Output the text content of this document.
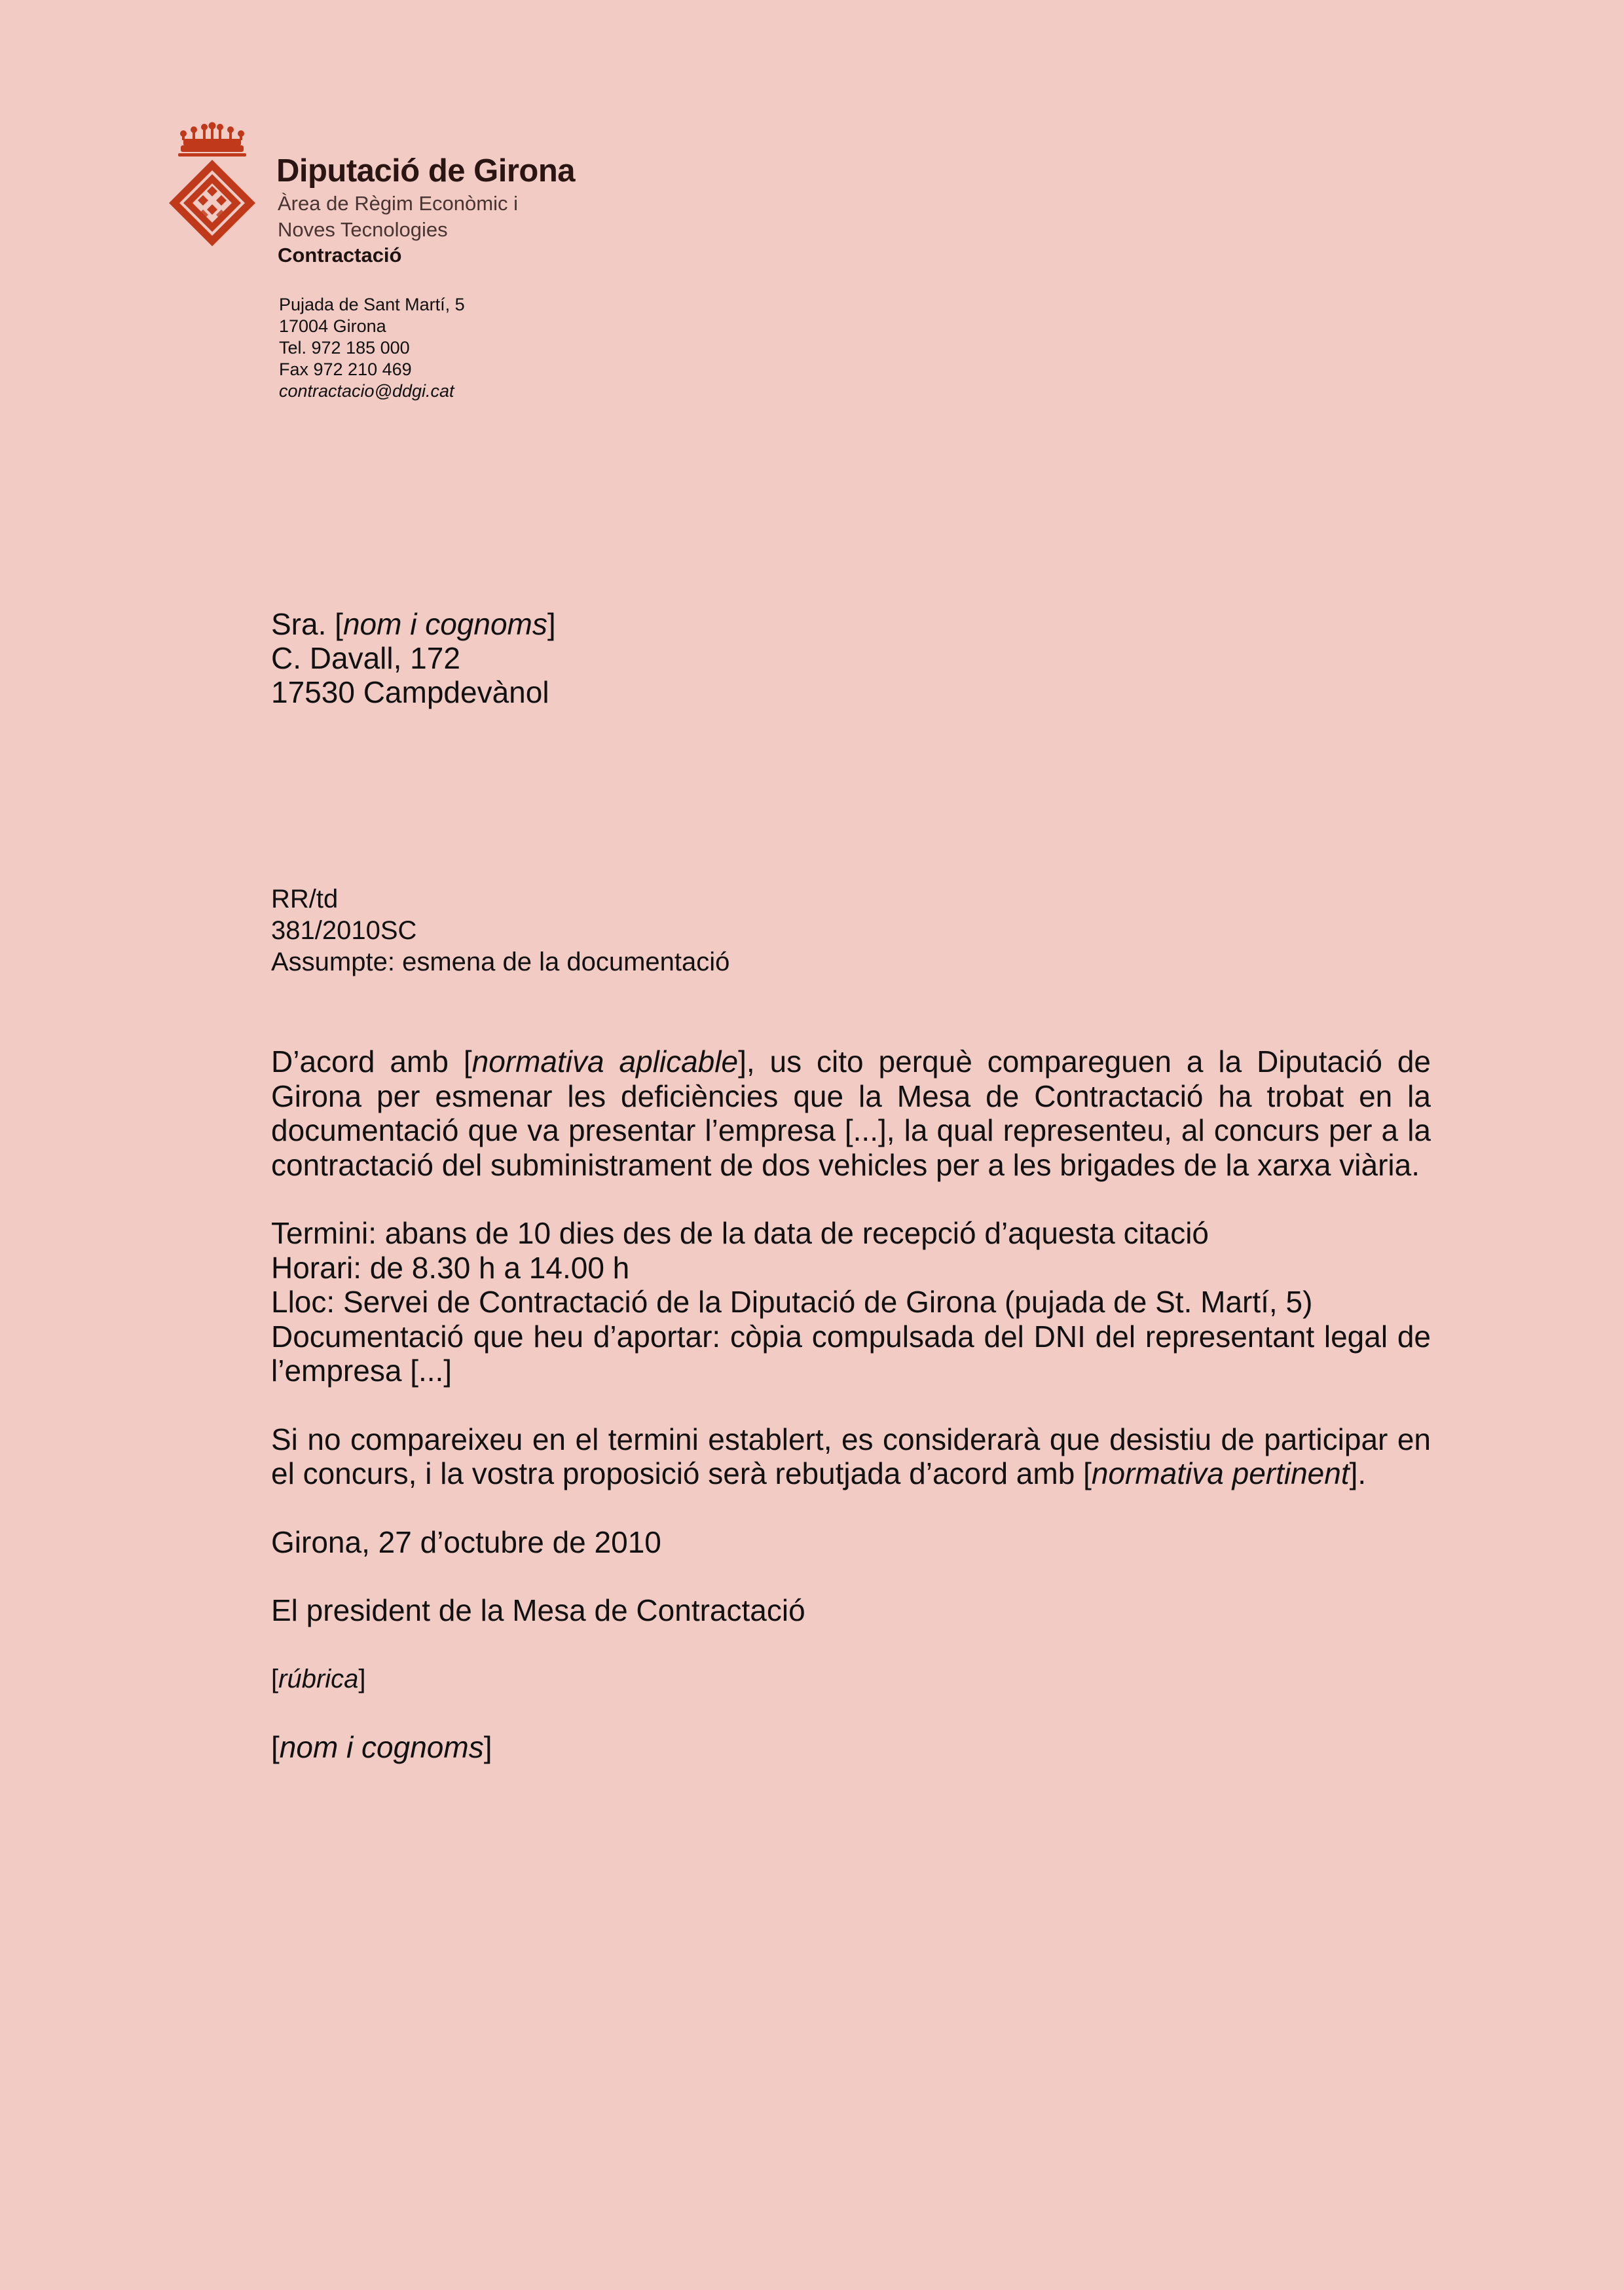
Diputació de Girona
Àrea de Règim Econòmic i
Noves Tecnologies
Contractació
Pujada de Sant Martí, 5
17004 Girona
Tel. 972 185 000
Fax 972 210 469
contractacio@ddgi.cat
Sra. [nom i cognoms]
C. Davall, 172
17530 Campdevànol
RR/td
381/2010SC
Assumpte: esmena de la documentació

D’acord amb [normativa aplicable], us cito perquè compareguen a la Diputació de Girona per esmenar les deficiències que la Mesa de Contractació ha trobat en la documentació que va presentar l’empresa [...], la qual representeu, al concurs per a la contractació del subministrament de dos vehicles per a les brigades de la xarxa viària.

Termini: abans de 10 dies des de la data de recepció d’aquesta citació
Horari: de 8.30 h a 14.00 h
Lloc: Servei de Contractació de la Diputació de Girona (pujada de St. Martí, 5)

Documentació que heu d’aportar: còpia compulsada del DNI del representant legal de l’empresa [...]

Si no compareixeu en el termini establert, es considerarà que desistiu de participar en el concurs, i la vostra proposició serà rebutjada d’acord amb [normativa pertinent].

Girona, 27 d’octubre de 2010
El president de la Mesa de Contractació
[rúbrica]
[nom i cognoms]
